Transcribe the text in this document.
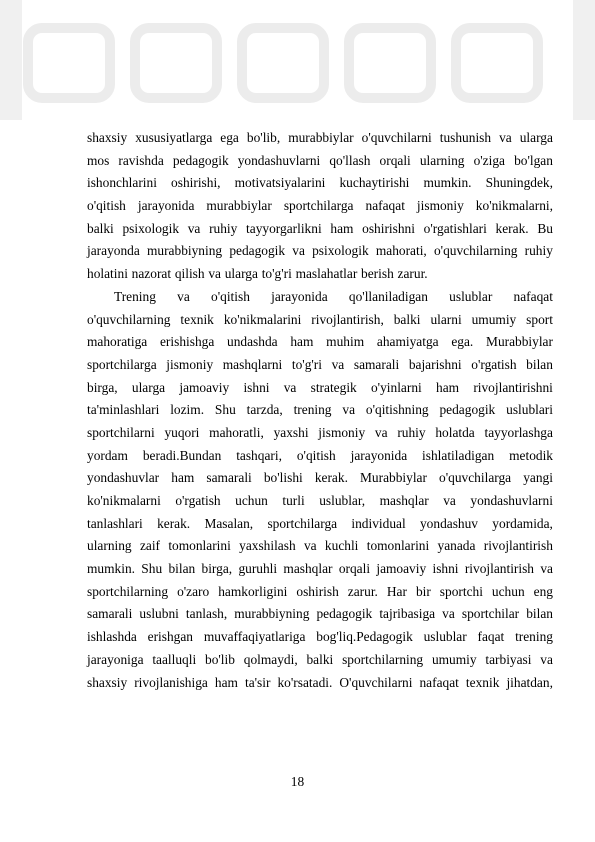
shaxsiy xususiyatlarga ega bo'lib, murabbiylar o'quvchilarni tushunish va ularga
mos ravishda pedagogik yondashuvlarni qo'llash orqali ularning o'ziga bo'lgan
ishonchlarini oshirishi, motivatsiyalarini kuchaytirishi mumkin. Shuningdek,
o'qitish jarayonida murabbiylar sportchilarga nafaqat jismoniy ko'nikmalarni,
balki psixologik va ruhiy tayyorgarlikni ham oshirishni o'rgatishlari kerak. Bu
jarayonda murabbiyning pedagogik va psixologik mahorati, o'quvchilarning ruhiy
holatini nazorat qilish va ularga to'g'ri maslahatlar berish zarur.
Trening va o'qitish jarayonida qo'llaniladigan uslublar nafaqat
o'quvchilarning texnik ko'nikmalarini rivojlantirish, balki ularni umumiy sport
mahoratiga erishishga undashda ham muhim ahamiyatga ega. Murabbiylar
sportchilarga jismoniy mashqlarni to'g'ri va samarali bajarishni o'rgatish bilan
birga, ularga jamoaviy ishni va strategik o'yinlarni ham rivojlantirishni
ta'minlashlari lozim. Shu tarzda, trening va o'qitishning pedagogik uslublari
sportchilarni yuqori mahoratli, yaxshi jismoniy va ruhiy holatda tayyorlashga
yordam beradi.Bundan tashqari, o'qitish jarayonida ishlatiladigan metodik
yondashuvlar ham samarali bo'lishi kerak. Murabbiylar o'quvchilarga yangi
ko'nikmalarni o'rgatish uchun turli uslublar, mashqlar va yondashuvlarni
tanlashlari kerak. Masalan, sportchilarga individual yondashuv yordamida,
ularning zaif tomonlarini yaxshilash va kuchli tomonlarini yanada rivojlantirish
mumkin. Shu bilan birga, guruhli mashqlar orqali jamoaviy ishni rivojlantirish va
sportchilarning o'zaro hamkorligini oshirish zarur. Har bir sportchi uchun eng
samarali uslubni tanlash, murabbiyning pedagogik tajribasiga va sportchilar bilan
ishlashda erishgan muvaffaqiyatlariga bog'liq.Pedagogik uslublar faqat trening
jarayoniga taalluqli bo'lib qolmaydi, balki sportchilarning umumiy tarbiyasi va
shaxsiy rivojlanishiga ham ta'sir ko'rsatadi. O'quvchilarni nafaqat texnik jihatdan,
18
